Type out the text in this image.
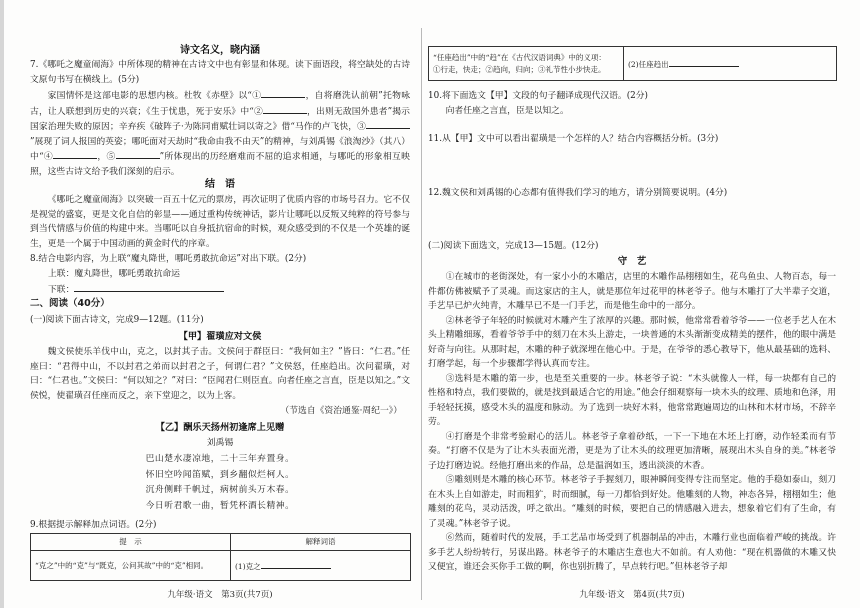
诗文名义，晓内涵
7.《哪吒之魔童闹海》中所体现的精神在古诗文中也有彰显和体现。读下面语段，将空缺处的古诗文原句书写在横线上。(5分)
家国情怀是这部电影的思想内核。杜牧《赤壁》以“①	，自将磨洗认前朝”托物咏古，让人联想到历史的兴衰；《生于忧患，死于安乐》中“②	，出则无敌国外患者”揭示国家治理失败的原因；辛弃疾《破阵子·为陈同甫赋壮词以寄之》借“马作的卢飞快，③”展现了词人报国的英姿；哪吒面对天劫时“我命由我不由天”的精神，与刘禹锡《浪淘沙》（其八）中“④	，⑤	”所体现出的历经磨难而不屈的追求相通，与哪吒的形象相互映照，这些古诗文给予我们深刻的启示。
结　语
《哪吒之魔童闹海》以突破一百五十亿元的票房，再次证明了优质内容的市场号召力。它不仅是视觉的盛宴，更是文化自信的彰显——通过重构传统神话，影片让哪吒以反叛又纯粹的符号参与到当代情感与价值的构建中来。当哪吒以自身抵抗宿命的时候，观众感受到的不仅是一个英雄的诞生，更是一个属于中国动画的黄金时代的序章。
8.结合电影内容，为上联“魔丸降世，哪吒勇敢抗命运”对出下联。(2分)
上联：魔丸降世，哪吒勇敢抗命运
下联：
二、阅读（40分）
(一)阅读下面古诗文，完成9—12题。(11分)
【甲】翟璜应对文侯
魏文侯使乐羊伐中山，克之，以封其子击。文侯问于群臣曰：“我何如主？”皆曰：“仁君。”任座曰：“君得中山，不以封君之弟而以封君之子，何谓仁君？”文侯怒，任座趋出。次问翟璜，对曰：“仁君也。”文侯曰：“何以知之？”对曰：“臣闻君仁则臣直。向者任座之言直，臣是以知之。”文侯悦，使翟璜召任座而反之，亲下堂迎之，以为上客。
（节选自《资治通鉴·周纪一》）
【乙】酬乐天扬州初逢席上见赠
刘禹锡
巴山楚水凄凉地，二十三年弃置身。
怀旧空吟闻笛赋，到乡翻似烂柯人。
沉舟侧畔千帆过，病树前头万木春。
今日听君歌一曲，暂凭杯酒长精神。
9.根据提示解释加点词语。(2分)
提　示	解释词语
“克之”中的“克”与“既克，公问其故”中的“克”相同。	(1)克之
九年级·语文　第3页(共7页)
“任座趋出”中的“趋”在《古代汉语词典》中的义项：
①行走，快走；②趋向，归向；③礼节性小步快走。
	(2)任座趋出
10.将下面选文【甲】文段的句子翻译成现代汉语。(2分)
向者任座之言直，臣是以知之。
11.从【甲】文中可以看出翟璜是一个怎样的人？结合内容概括分析。(3分)
12.魏文侯和刘禹锡的心态都有值得我们学习的地方，请分别简要说明。(4分)
(二)阅读下面选文，完成13—15题。(12分)
守　艺

①在城市的老街深处，有一家小小的木雕店，店里的木雕作品栩栩如生，花鸟鱼虫、人物百态，每一件都仿佛被赋予了灵魂。而这家店的主人，就是那位年过花甲的林老爷子。他与木雕打了大半辈子交道，手艺早已炉火纯青，木雕早已不是一门手艺，而是他生命中的一部分。

②林老爷子年轻的时候就对木雕产生了浓厚的兴趣。那时候，他常常看着爷爷——一位老手艺人在木头上精雕细琢，看着爷爷手中的刻刀在木头上游走，一块普通的木头渐渐变成精美的摆件，他的眼中满是好奇与向往。从那时起，木雕的种子就深埋在他心中。于是，在爷爷的悉心教导下，他从最基础的选料、打磨学起，每一个步骤都学得认真而专注。

③选料是木雕的第一步，也是至关重要的一步。林老爷子说：“木头就像人一样，每一块都有自己的性格和特点，我们要做的，就是找到最适合它的用途。”他会仔细观察每一块木头的纹理、质地和色泽，用手轻轻抚摸，感受木头的温度和脉动。为了选到一块好木料，他常常跑遍周边的山林和木材市场，不辞辛劳。

④打磨是个非常考验耐心的活儿。林老爷子拿着砂纸，一下一下地在木坯上打磨，动作轻柔而有节奏。“打磨不仅是为了让木头表面光滑，更是为了让木头的纹理更加清晰，展现出木头自身的美。”林老爷子边打磨边说。经他打磨出来的作品，总是温润如玉，透出淡淡的木香。

⑤雕刻则是木雕的核心环节。林老爷子手握刻刀，眼神瞬间变得专注而坚定。他的手稳如泰山，刻刀在木头上自如游走，时而粗犷，时而细腻，每一刀都恰到好处。他雕刻的人物，神态各异，栩栩如生；他雕刻的花鸟，灵动活泼，呼之欲出。“雕刻的时候，要把自己的情感融入进去，想象着它们有了生命，有了灵魂。”林老爷子说。

⑥然而，随着时代的发展，手工艺品市场受到了机器制品的冲击，木雕行业也面临着严峻的挑战。许多手艺人纷纷转行，另谋出路。林老爷子的木雕店生意也大不如前。有人劝他：“现在机器做的木雕又快又便宜，谁还会买你手工做的啊，你也别折腾了，早点转行吧。”但林老爷子却

九年级·语文　第4页(共7页)
